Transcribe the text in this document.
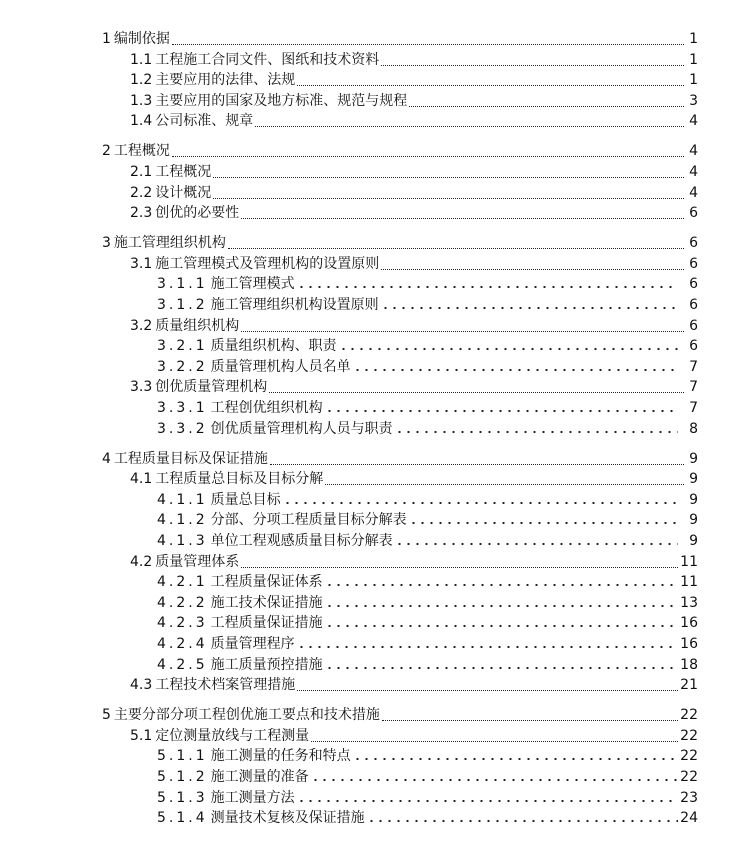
1 编制依据	1
1.1 工程施工合同文件、图纸和技术资料	1
1.2 主要应用的法律、法规	1
1.3 主要应用的国家及地方标准、规范与规程	3
1.4 公司标准、规章	4
2 工程概况	4
2.1 工程概况	4
2.2 设计概况	4
2.3 创优的必要性	6
3 施工管理组织机构	6
3.1 施工管理模式及管理机构的设置原则	6
3.1.1 施工管理模式	6
3.1.2 施工管理组织机构设置原则	6
3.2 质量组织机构	6
3.2.1 质量组织机构、职责	6
3.2.2 质量管理机构人员名单	7
3.3 创优质量管理机构	7
3.3.1 工程创优组织机构	7
3.3.2 创优质量管理机构人员与职责	8
4 工程质量目标及保证措施	9
4.1 工程质量总目标及目标分解	9
4.1.1 质量总目标	9
4.1.2 分部、分项工程质量目标分解表	9
4.1.3 单位工程观感质量目标分解表	9
4.2 质量管理体系	11
4.2.1 工程质量保证体系	11
4.2.2 施工技术保证措施	13
4.2.3 工程质量保证措施	16
4.2.4 质量管理程序	16
4.2.5 施工质量预控措施	18
4.3 工程技术档案管理措施	21
5 主要分部分项工程创优施工要点和技术措施	22
5.1 定位测量放线与工程测量	22
5.1.1 施工测量的任务和特点	22
5.1.2 施工测量的准备	22
5.1.3 施工测量方法	23
5.1.4 测量技术复核及保证措施	24
